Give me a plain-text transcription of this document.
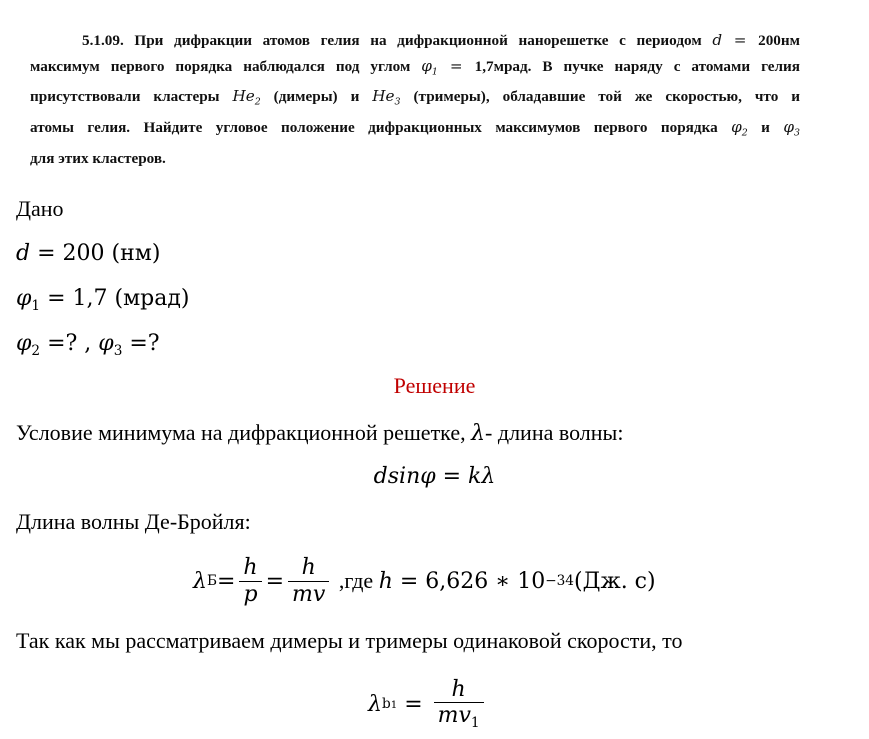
5.1.09. При дифракции атомов гелия на дифракционной нанорешетке с периодом d = 200нм
максимум первого порядка наблюдался под углом $\varphi_1$ = 1,7мрад. В пучке наряду с атомами гелия
присутствовали кластеры $He_2$ (димеры) и $He_3$ (тримеры), обладавшие той же скоростью, что и
атомы гелия. Найдите угловое положение дифракционных максимумов первого порядка $\varphi_2$ и $\varphi_3$
для этих кластеров.
Дано
d = 200 (нм)
$\varphi_1 = 1,7$ (мрад)
$\varphi_2$ =? , $\varphi_3$ =?
Решение
Условие минимума на дифракционной решетке, λ- длина волны:
dsinφ = kλ
Длина волны Де-Бройля:
λ $Б = \frac{h}{p} = \frac{h}{mv} ,где$ h = 6,626 ∗ 10 −34 (Дж. с)
Так как мы рассматриваем димеры и тримеры одинаковой скорости, то
λ $b1 = \frac{h}{mv_1}$
